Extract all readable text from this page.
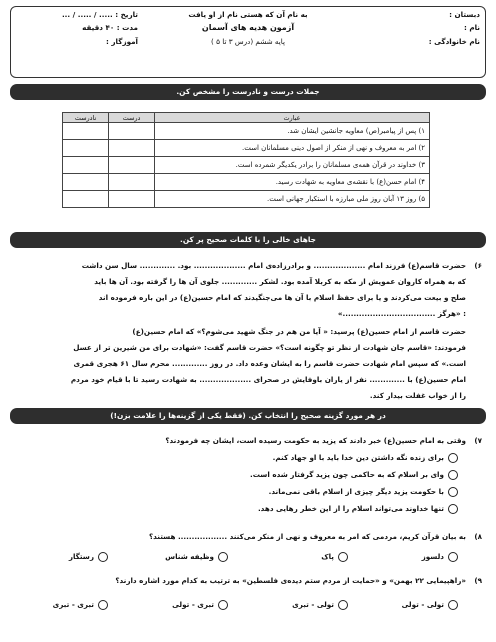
به نام آن که هستی نام از او یافت
آزمون هدیه های آسمان
پایه ششم (درس ۳ تا ۵ )
تاریخ : ..... / ..... / ...
مدت : ۴۰ دقیقه
آموزگار :
دبستان :
نام :
نام خانوادگی :
جملات درست و نادرست را مشخص کن.
عبارت	درست	نادرست
۱) پس از پیامبر(ص) معاویه جانشین ایشان شد.		
۲) امر به معروف و نهی از منکر از اصول دینی مسلمانان است.		
۳) خداوند در قرآن همه‌ی مسلمانان را برادر یکدیگر شمرده است.		
۴) امام حسن(ع) با نقشه‌ی معاویه به شهادت رسید.		
۵) روز ۱۳ آبان روز ملی مبارزه با استکبار جهانی است.		
جاهای خالی را با کلمات صحیح پر کن.
۶)
حضرت قاسم(ع) فرزند امام ................... و برادرزاده‌ی امام ................... بود. ............. سال سن داشت
که به همراه کاروان عمویش از مکه به کربلا آمده بود. لشکر ............. جلوی آن ها را گرفته بود. آن ها باید
صلح و بیعت می‌کردند و یا برای حفظ اسلام با آن ها می‌جنگیدند که امام حسین(ع) در این باره فرموده اند
: «هرگز ..................................»
حضرت قاسم از امام حسین(ع) پرسید: « آیا من هم در جنگ شهید می‌شوم؟» که امام حسین(ع)
فرمودند: «قاسم جان شهادت از نظر تو چگونه است؟» حضرت قاسم گفت: «شهادت برای من شیرین تر از عسل
است.» که سپس امام شهادت حضرت قاسم را به ایشان وعده داد. در روز ............. محرم سال ۶۱ هجری قمری
امام حسین(ع) با ............. نفر از یاران باوفایش در صحرای ................... به شهادت رسید تا با قیام خود مردم
را از خواب غفلت بیدار کند.
در هر مورد گزینه صحیح را انتخاب کن. (فقط یکی از گزینه‌ها را علامت بزن!)
۷)
وقتی به امام حسین(ع) خبر دادند که یزید به حکومت رسیده است، ایشان چه فرمودند؟
برای زنده نگه داشتن دین خدا باید با او جهاد کنم.
وای بر اسلام که به حاکمی چون یزید گرفتار شده است.
با حکومت یزید دیگر چیزی از اسلام باقی نمی‌ماند.
تنها خداوند می‌تواند اسلام را از این خطر رهایی دهد.
۸)
به بیان قرآن کریم، مردمی که امر به معروف و نهی از منکر می‌کنند .................. هستند؟
دلسوز
پاک
وظیفه شناس
رستگار
۹)
«راهپیمایی ۲۲ بهمن» و «حمایت از مردم ستم دیده‌ی فلسطین» به ترتیب به کدام مورد اشاره دارند؟
تولی - تولی
تولی - تبری
تبری - تولی
تبری - تبری
